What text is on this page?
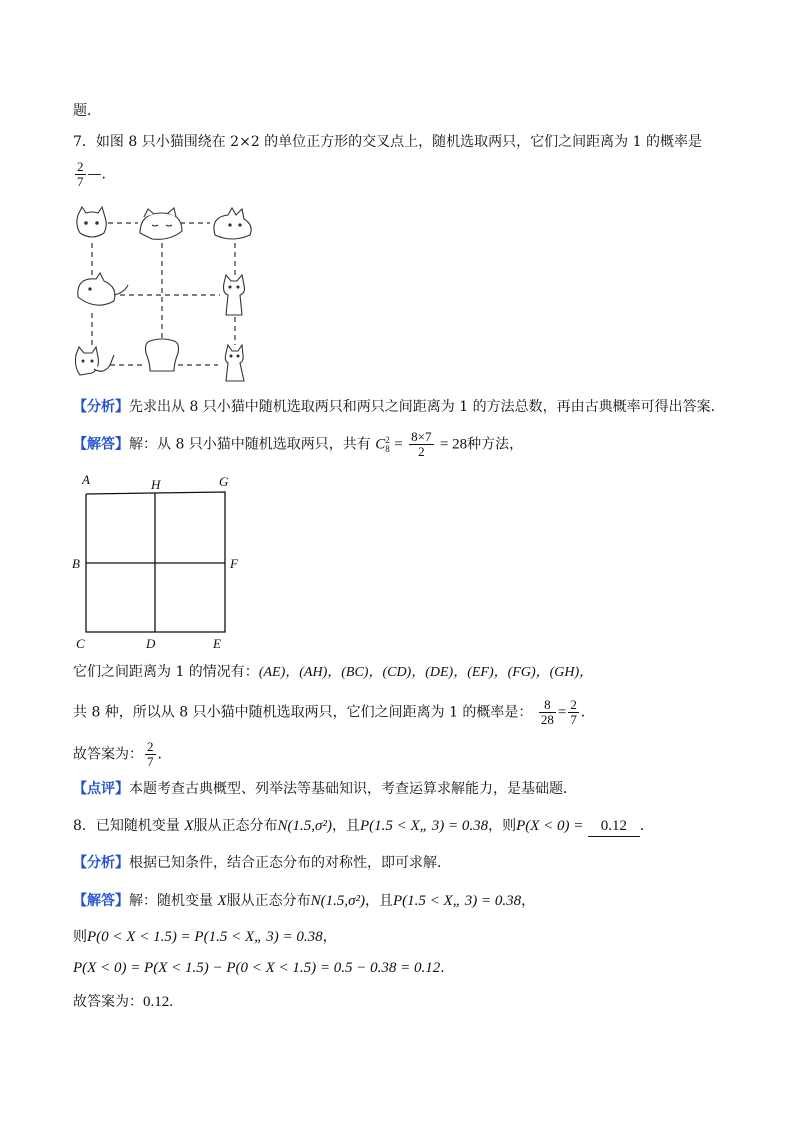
题．
7．如图 8 只小猫围绕在 2×2 的单位正方形的交叉点上，随机选取两只，它们之间距离为 1 的概率是
$\frac{2}{7}$ —．
【分析】先求出从 8 只小猫中随机选取两只和两只之间距离为 1 的方法总数，再由古典概率可得出答案．
【解答】解：从 8 只小猫中随机选取两只，共有 C 2
$8 = \frac{8\times 7}{2} = 28$种方法，
A	H	G
B	F
C	D	E
它们之间距离为 1 的情况有：(AE)，(AH)，(BC)，(CD)，(DE)，(EF)，(FG)，(GH)，
共 8 种，所以从 8 只小猫中随机选取两只，它们之间距离为 1 的概率是： $\frac{8}{28} = \frac{2}{7}$ ．
故答案为： $\frac{2}{7}$ ．
【点评】本题考查古典概型、列举法等基础知识，考查运算求解能力，是基础题．
8．已知随机变量 X服从正态分布N(1.5,σ²)，且P(1.5 < X„ 3) = 0.38，则P(X < 0) = 0.12 ．
【分析】根据已知条件，结合正态分布的对称性，即可求解．
【解答】解：随机变量 X服从正态分布N(1.5,σ²)，且P(1.5 < X„ 3) = 0.38，
则P(0 < X < 1.5) = P(1.5 < X„ 3) = 0.38，
P(X < 0) = P(X < 1.5) − P(0 < X < 1.5) = 0.5 − 0.38 = 0.12．
故答案为：0.12.
